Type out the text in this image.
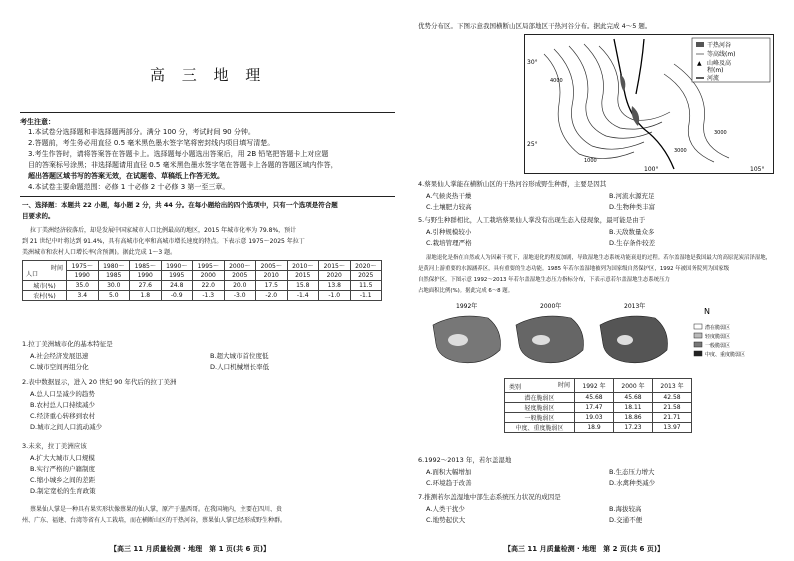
高 三 地 理
考生注意：
1.本试卷分选择题和非选择题两部分。满分 100 分，考试时间 90 分钟。
2.答题前，考生务必用直径 0.5 毫米黑色墨水签字笔将密封线内项目填写清楚。
3.考生作答时，请将答案答在答题卡上。选择题每小题选出答案后，用 2B 铅笔把答题卡上对应题
目的答案标号涂黑；非选择题请用直径 0.5 毫米黑色墨水签字笔在答题卡上各题的答题区域内作答，
超出答题区域书写的答案无效，在试题卷、草稿纸上作答无效。
4.本试卷主要命题范围：必修 1 十必修 2 十必修 3 第一至三章。
一、选择题：本题共 22 小题，每小题 2 分，共 44 分。在每小题给出的四个选项中，只有一个选项是符合题
目要求的。
拉丁美洲经济较落后，却是发展中国家城市人口比例最高的地区，2015 年城市化率为 79.8%，预计
到 21 世纪中叶将达到 91.4%，具有高城市化率和高城市增长速度的特点。下表示意 1975～2025 年拉丁
美洲城市和农村人口增长率(含预测)。据此完成 1～3 题。
时间
人口	1975～	1980～	1985～	1990～	1995～	2000～	2005～	2010～	2015～	2020～
	1990	1985	1990	1995	2000	2005	2010	2015	2020	2025
城市(%)	35.0	30.0	27.6	24.8	22.0	20.0	17.5	15.8	13.8	11.5
农村(%)	3.4	5.0	1.8	-0.9	-1.3	-3.0	-2.0	-1.4	-1.0	-1.1
1.拉丁美洲城市化的基本特征是
A.社会经济发展迅速	B.超大城市首位度低
C.城市空间再组分化	D.人口机械增长率低
2.表中数据显示，进入 20 世纪 90 年代后的拉丁美洲
A.总人口呈减少的趋势
B.农村总人口持续减少
C.经济重心转移到农村
D.城市之间人口流动减少
3.未来，拉丁美洲应该
A.扩大大城市人口规模
B.实行严格的户籍制度
C.缩小城乡之间的差距
D.制定宽松的生育政策
蔡果仙人掌是一种具有果实形状像蔡果的仙人掌，原产于墨西哥。在我国境内，主要在四川、贵
州、广东、福建、台湾等省有人工栽培，而在横断山区的干热河谷，蔡果仙人掌已经形成野生种群。
【高三 11 月质量检测 · 地理　第 1 页(共 6 页)】
优势分布区。下图示意我国横断山区局部地区干热河谷分布。据此完成 4～5 题。
干热河谷
等高线(m)
▲ 山峰及高
程(m)
河流
30°
25°
100°	105°
1000
3000
3000
4000
4.蔡果仙人掌能在横断山区的干热河谷形成野生种群，主要是因其
A.气候炎热干燥	B.河流水源充足
C.土壤肥力较高	D.生物种类丰富
5.与野生种群相比，人工栽培蔡果仙人掌没有出现生态入侵现象，最可能是由于
A.引种规模较小	B.天敌数量众多
C.栽培管理严格	D.生存条件较差
湿地退化是指在自然或人为因素干扰下，湿地退化的程度加剧，导致湿地生态系统功能衰退的过程。若尔盖湿地是我国最大的高原泥炭沼泽湿地，
是黄河上游重要的水源涵养区，具有重要的生态功能。1985 年若尔盖湿地被列为国家级自然保护区，1992 年被国务院列为国家级
自然保护区。下图示意 1992～2013 年若尔盖湿地生态压力指标分布，下表示意若尔盖湿地生态系统压力
占地面积比例(%)。据此完成 6～8 题。
1992年	2000年	2013年
N
潜在脆弱区
轻度脆弱区
一般脆弱区
中度、重度脆弱区
时间
类别	1992 年	2000 年	2013 年
潜在脆弱区	45.68	45.68	42.58
轻度脆弱区	17.47	18.11	21.58
一般脆弱区	19.03	18.86	21.71
中度、重度脆弱区	18.9	17.23	13.97
6.1992～2013 年，若尔盖湿地
A.面积大幅增加	B.生态压力增大
C.环境趋于改善	D.水禽种类减少
7.推测若尔盖湿地中部生态系统压力状况的成因是
A.人类干扰少	B.海拔较高
C.地势起伏大	D.交通不便
【高三 11 月质量检测 · 地理　第 2 页(共 6 页)】
